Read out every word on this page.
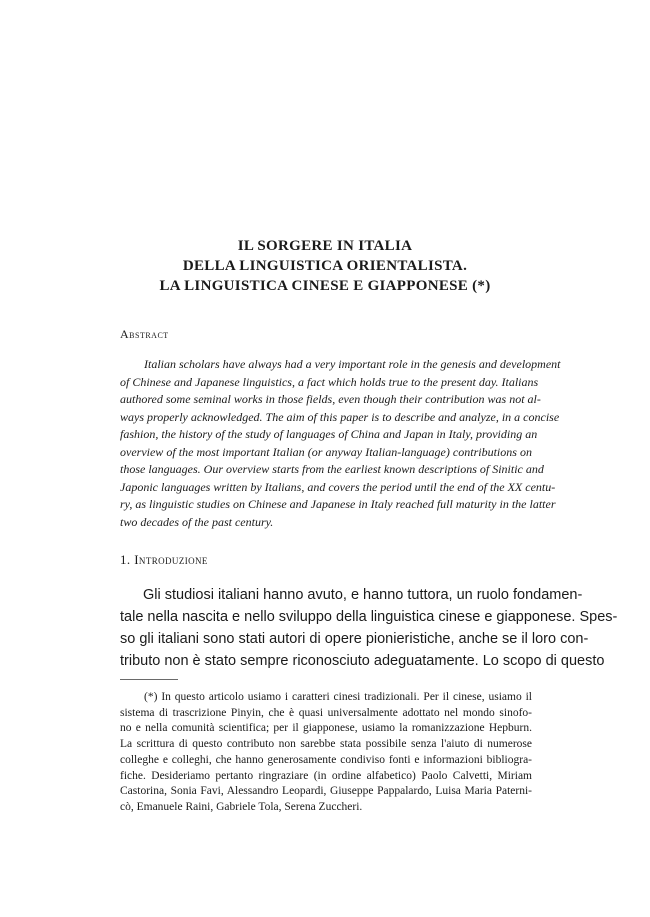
IL SORGERE IN ITALIA
DELLA LINGUISTICA ORIENTALISTA.
LA LINGUISTICA CINESE E GIAPPONESE (*)
Abstract
Italian scholars have always had a very important role in the genesis and development
of Chinese and Japanese linguistics, a fact which holds true to the present day. Italians
authored some seminal works in those fields, even though their contribution was not al-
ways properly acknowledged. The aim of this paper is to describe and analyze, in a concise
fashion, the history of the study of languages of China and Japan in Italy, providing an
overview of the most important Italian (or anyway Italian-language) contributions on
those languages. Our overview starts from the earliest known descriptions of Sinitic and
Japonic languages written by Italians, and covers the period until the end of the XX centu-
ry, as linguistic studies on Chinese and Japanese in Italy reached full maturity in the latter
two decades of the past century.
1. Introduzione
Gli studiosi italiani hanno avuto, e hanno tuttora, un ruolo fondamen-
tale nella nascita e nello sviluppo della linguistica cinese e giapponese. Spes-
so gli italiani sono stati autori di opere pionieristiche, anche se il loro con-
tributo non è stato sempre riconosciuto adeguatamente. Lo scopo di questo
(*) In questo articolo usiamo i caratteri cinesi tradizionali. Per il cinese, usiamo il
sistema di trascrizione Pinyin, che è quasi universalmente adottato nel mondo sinofo-
no e nella comunità scientifica; per il giapponese, usiamo la romanizzazione Hepburn.
La scrittura di questo contributo non sarebbe stata possibile senza l'aiuto di numerose
colleghe e colleghi, che hanno generosamente condiviso fonti e informazioni bibliogra-
fiche. Desideriamo pertanto ringraziare (in ordine alfabetico) Paolo Calvetti, Miriam
Castorina, Sonia Favi, Alessandro Leopardi, Giuseppe Pappalardo, Luisa Maria Paterni-
cò, Emanuele Raini, Gabriele Tola, Serena Zuccheri.
